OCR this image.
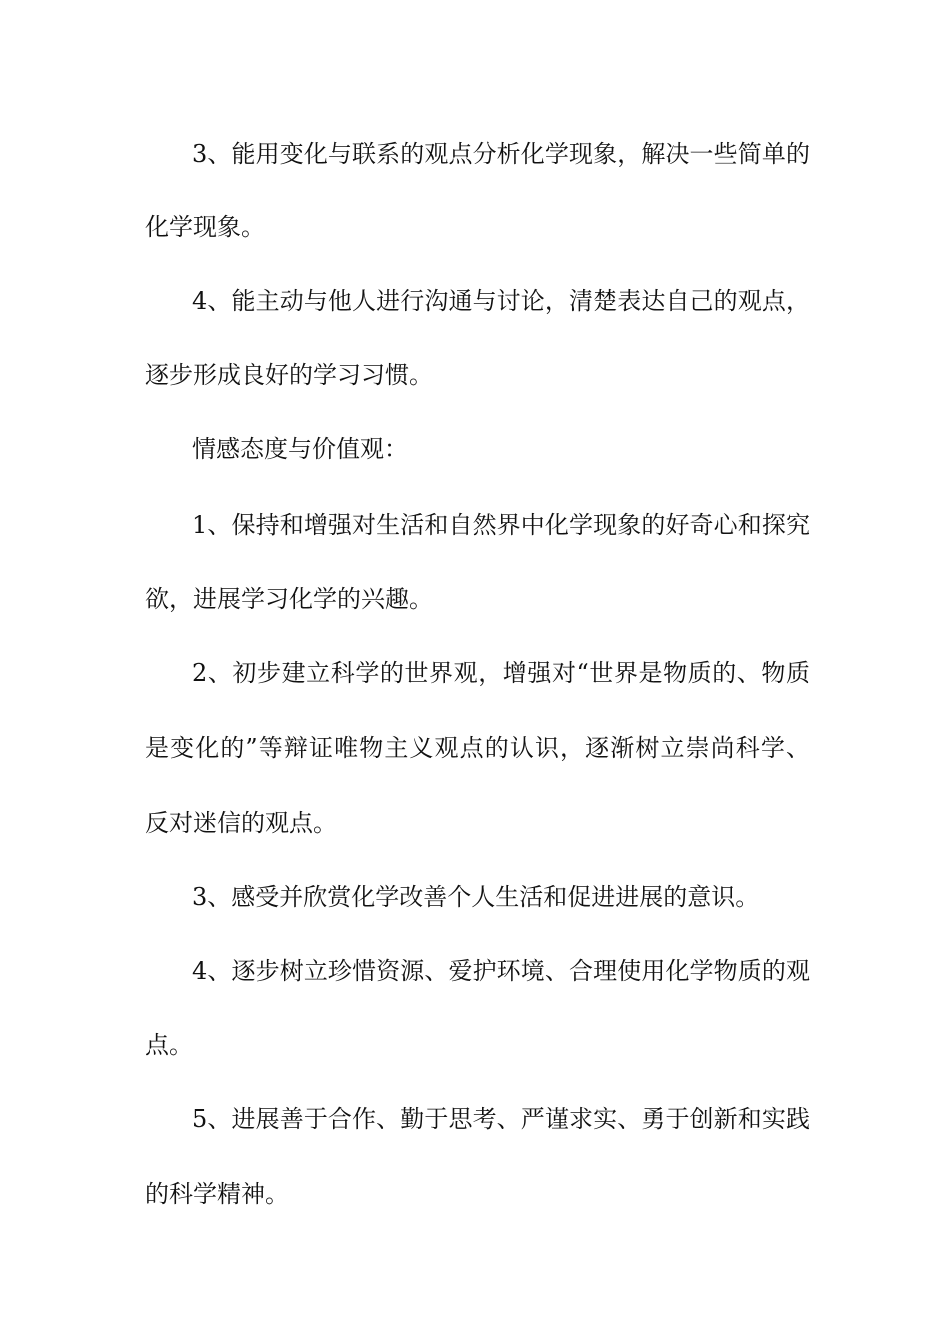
3、能用变化与联系的观点分析化学现象，解决一些简单的
化学现象。
4、能主动与他人进行沟通与讨论，清楚表达自己的观点，
逐步形成良好的学习习惯。
情感态度与价值观：
1、保持和增强对生活和自然界中化学现象的好奇心和探究
欲，进展学习化学的兴趣。
2、初步建立科学的世界观，增强对“世界是物质的、物质
是变化的”等辩证唯物主义观点的认识，逐渐树立崇尚科学、
反对迷信的观点。
3、感受并欣赏化学改善个人生活和促进进展的意识。
4、逐步树立珍惜资源、爱护环境、合理使用化学物质的观
点。
5、进展善于合作、勤于思考、严谨求实、勇于创新和实践
的科学精神。
